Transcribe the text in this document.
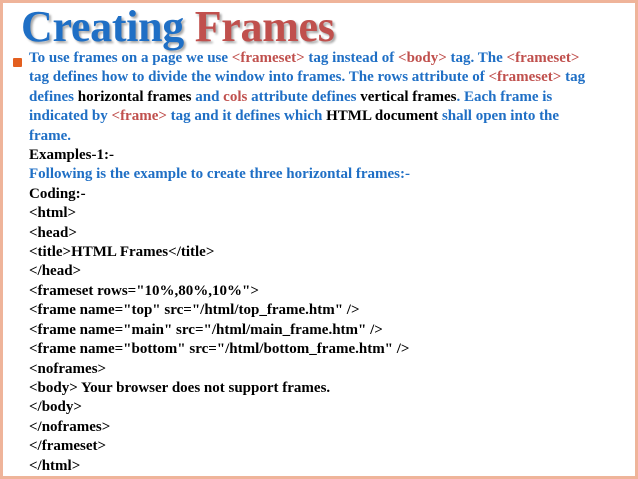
Creating Frames
To use frames on a page we use <frameset> tag instead of <body> tag. The <frameset>
tag defines how to divide the window into frames. The rows attribute of <frameset> tag
defines horizontal frames and cols attribute defines vertical frames. Each frame is
indicated by <frame> tag and it defines which HTML document shall open into the
frame.
Examples-1:-
Following is the example to create three horizontal frames:-
Coding:-
<html>
<head>
<title>HTML Frames</title>
</head>
<frameset rows="10%,80%,10%">
<frame name="top" src="/html/top_frame.htm" />
<frame name="main" src="/html/main_frame.htm" />
<frame name="bottom" src="/html/bottom_frame.htm" />
<noframes>
<body> Your browser does not support frames.
</body>
</noframes>
</frameset>
</html>
